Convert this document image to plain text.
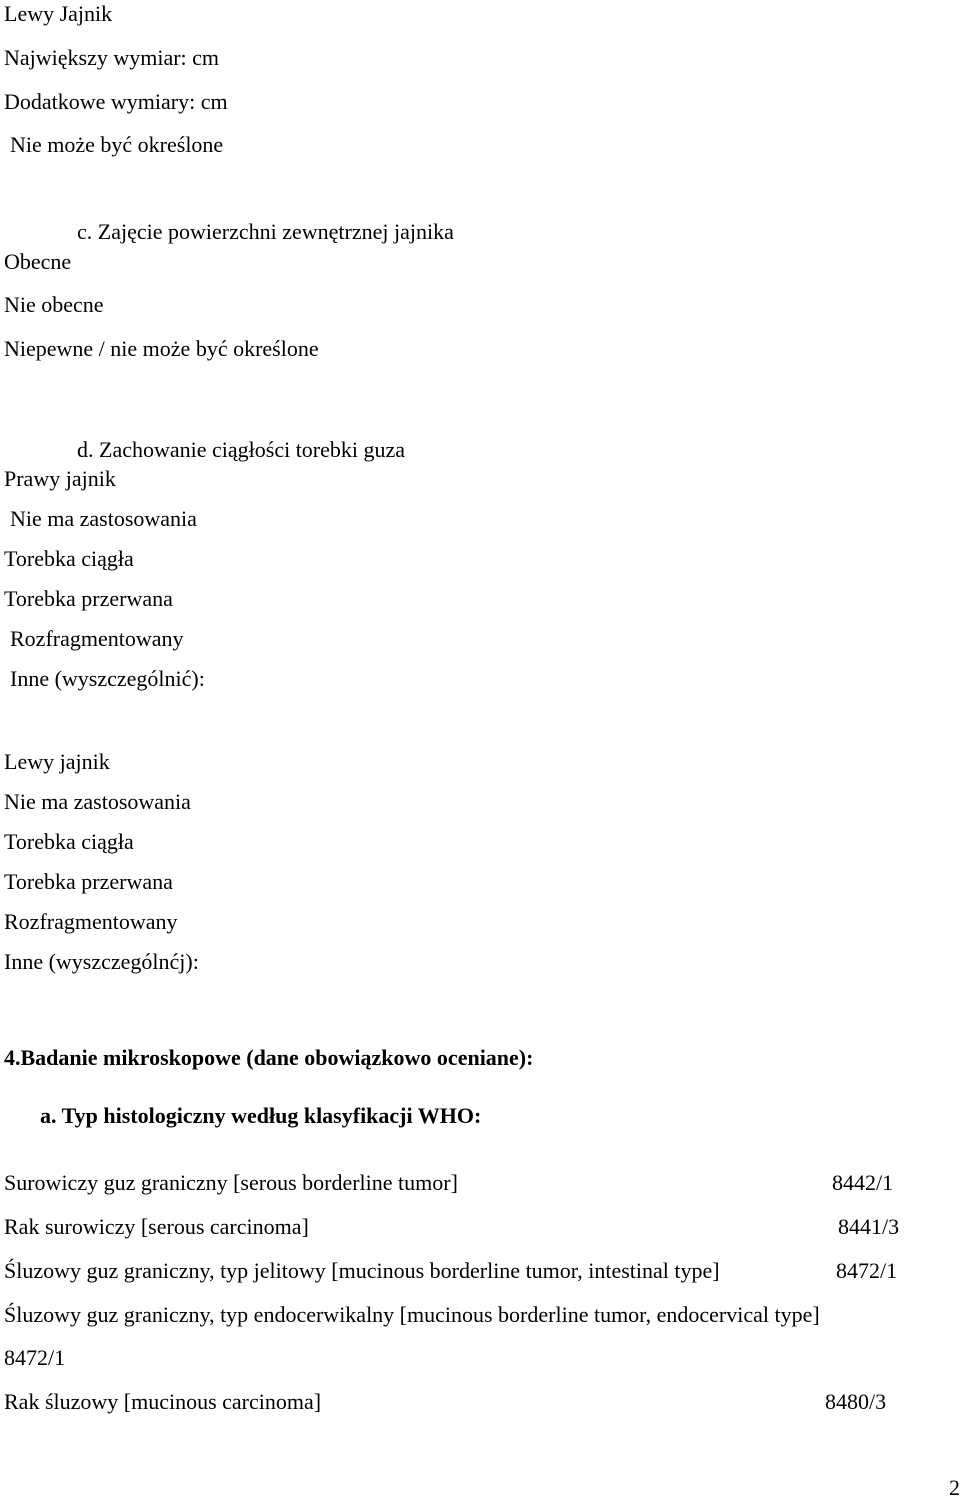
Lewy Jajnik
Największy wymiar: cm
Dodatkowe wymiary: cm
Nie może być określone
c. Zajęcie powierzchni zewnętrznej jajnika
Obecne
Nie obecne
Niepewne / nie może być określone
d. Zachowanie ciągłości torebki guza
Prawy jajnik
Nie ma zastosowania
Torebka ciągła
Torebka przerwana
Rozfragmentowany
Inne (wyszczególnić):
Lewy jajnik
Nie ma zastosowania
Torebka ciągła
Torebka przerwana
Rozfragmentowany
Inne (wyszczególnćj):
4.Badanie mikroskopowe (dane obowiązkowo oceniane):
a. Typ histologiczny według klasyfikacji WHO:
Surowiczy guz graniczny [serous borderline tumor]	8442/1
Rak surowiczy [serous carcinoma]	8441/3
Śluzowy guz graniczny, typ jelitowy [mucinous borderline tumor, intestinal type]	8472/1
Śluzowy guz graniczny, typ endocerwikalny [mucinous borderline tumor, endocervical type]
8472/1
Rak śluzowy [mucinous carcinoma]	8480/3
2
